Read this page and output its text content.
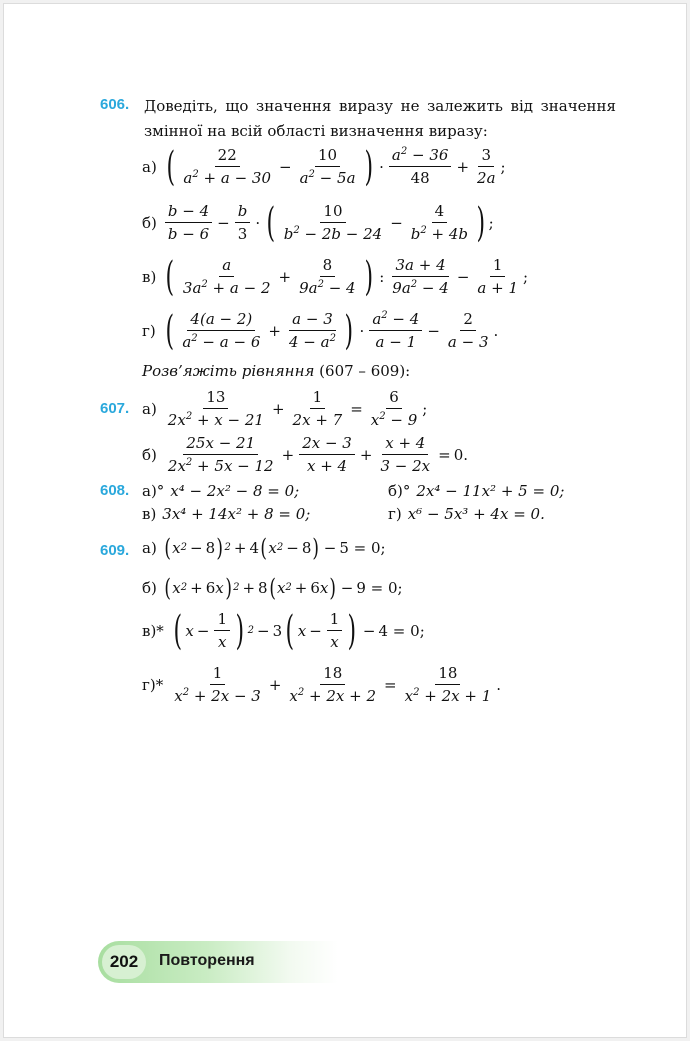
606. Доведіть, що значення виразу не залежить від значення змінної на всій області визначення виразу:
а) ( $\frac{22}{a^2 + a - 30} - \frac{10}{a^2 - 5a}$ ) · $\frac{a^2 - 36}{48} + \frac{3}{2a}$ ;
$б) \frac{b - 4}{b - 6} - \frac{b}{3}$ · ( $\frac{10}{b^2 - 2b - 24} - \frac{4}{b^2 + 4b}$ ) ;
в) ( $\frac{a}{3a^2 + a - 2} + \frac{8}{9a^2 - 4}$ ) : $\frac{3a + 4}{9a^2 - 4} - \frac{1}{a + 1}$ ;
г) ( $\frac{4(a - 2)}{a^2 - a - 6} + \frac{a - 3}{4 - a^2}$ ) · $\frac{a^2 - 4}{a - 1} - \frac{2}{a - 3}$ .
Розв’яжіть рівняння (607 – 609):
607. $а) \frac{13}{2x^2 + x - 21} + \frac{1}{2x + 7} = \frac{6}{x^2 - 9}$ ;
$б) \frac{25x - 21}{2x^2 + 5x - 12} + \frac{2x - 3}{x + 4} + \frac{x + 4}{3 - 2x} = 0$.
608. а)° x⁴ − 2x² − 8 = 0;	б)° 2x⁴ − 11x² + 5 = 0;
в) 3x⁴ + 14x² + 8 = 0;	г) x⁶ − 5x³ + 4x = 0.
609. а) ( x 2 − 8 ) 2 + 4 ( x 2 − 8 ) − 5 = 0;
б) ( x 2 + 6 x ) 2 + 8 ( x 2 + 6 x ) − 9 = 0;
в)* ( $x - \frac{1}{x}$ ) 2 − 3 ( $x - \frac{1}{x}$ ) − 4 = 0;
$г)* \frac{1}{x^2 + 2x - 3} + \frac{18}{x^2 + 2x + 2} = \frac{18}{x^2 + 2x + 1}$ .
202	Повторення
